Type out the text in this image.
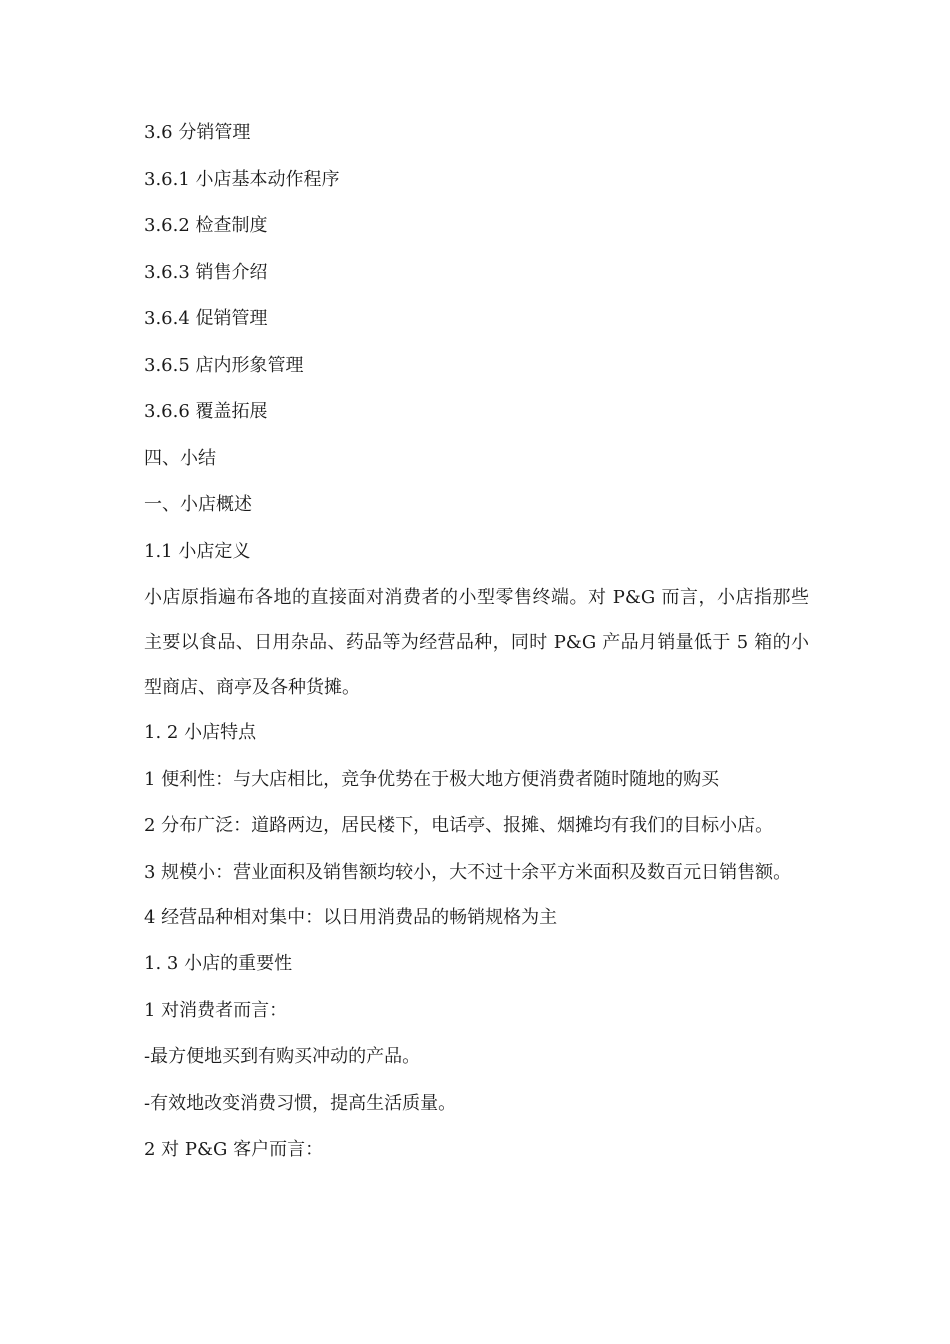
3.6 分销管理

3.6.1 小店基本动作程序

3.6.2 检查制度

3.6.3 销售介绍

3.6.4 促销管理

3.6.5 店内形象管理

3.6.6 覆盖拓展

四、小结

一、小店概述

1.1 小店定义

小店原指遍布各地的直接面对消费者的小型零售终端。对 P&G 而言，小店指那些主要以食品、日用杂品、药品等为经营品种，同时 P&G 产品月销量低于 5 箱的小型商店、商亭及各种货摊。

1. 2 小店特点

1 便利性：与大店相比，竞争优势在于极大地方便消费者随时随地的购买

2 分布广泛：道路两边，居民楼下，电话亭、报摊、烟摊均有我们的目标小店。

3 规模小：营业面积及销售额均较小，大不过十余平方米面积及数百元日销售额。

4 经营品种相对集中：以日用消费品的畅销规格为主

1. 3 小店的重要性

1 对消费者而言：

-最方便地买到有购买冲动的产品。

-有效地改变消费习惯，提高生活质量。

2 对 P&G 客户而言：
